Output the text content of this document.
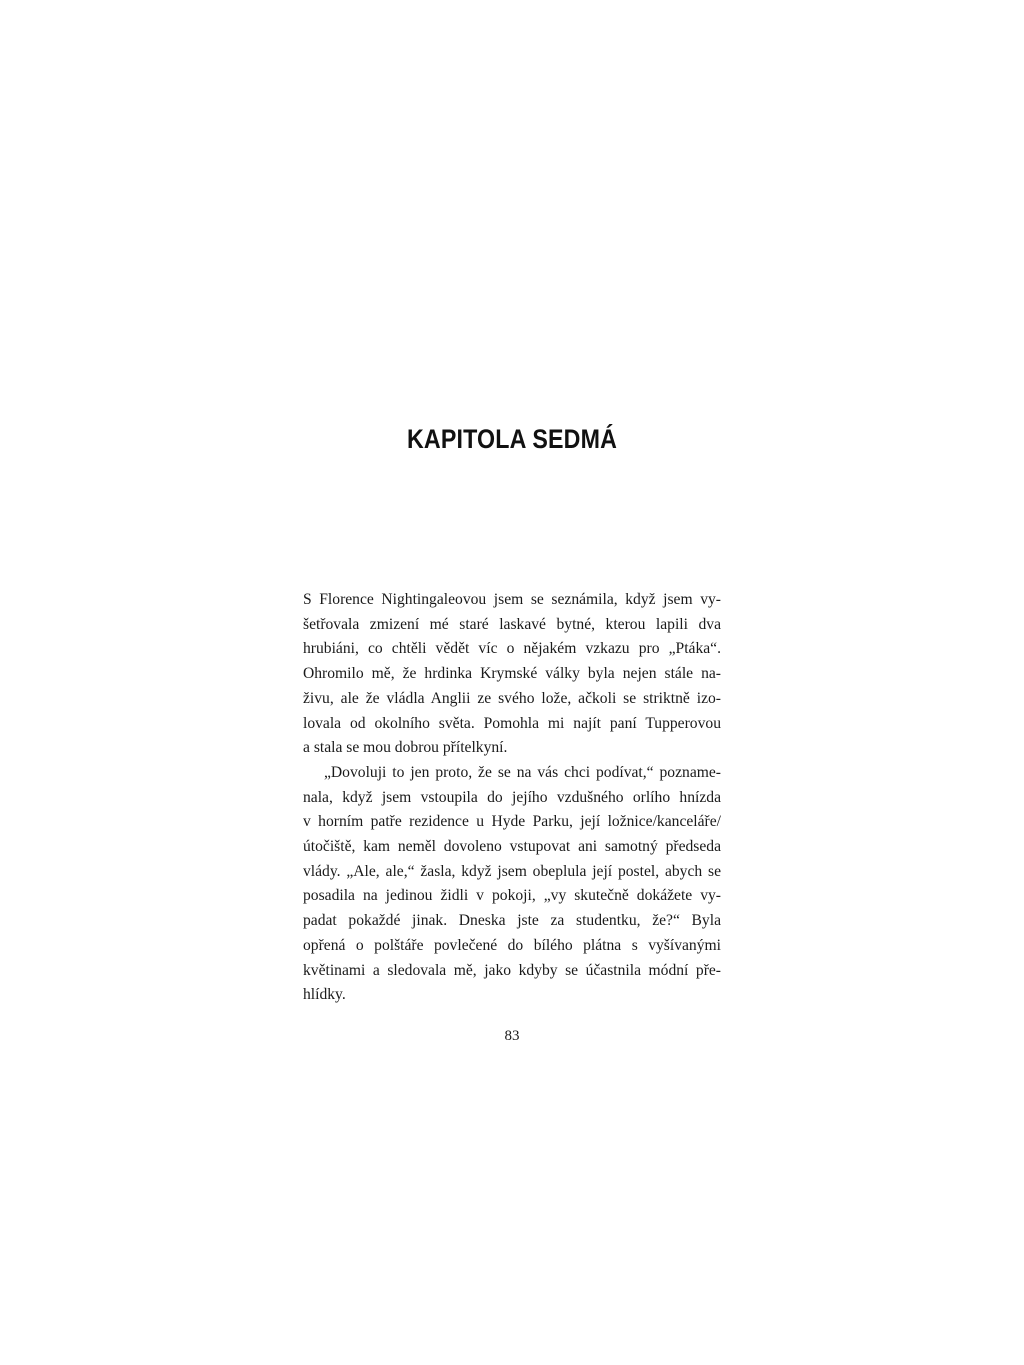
KAPITOLA SEDMÁ
S Florence Nightingaleovou jsem se seznámila, když jsem vy-
šetřovala zmizení mé staré laskavé bytné, kterou lapili dva
hrubiáni, co chtěli vědět víc o nějakém vzkazu pro „Ptáka“.
Ohromilo mě, že hrdinka Krymské války byla nejen stále na-
živu, ale že vládla Anglii ze svého lože, ačkoli se striktně izo-
lovala od okolního světa. Pomohla mi najít paní Tupperovou
a stala se mou dobrou přítelkyní.
„Dovoluji to jen proto, že se na vás chci podívat,“ poznamе-
nala, když jsem vstoupila do jejího vzdušného orlího hnízda
v horním patře rezidence u Hyde Parku, její ložnice/kanceláře/
útočiště, kam neměl dovoleno vstupovat ani samotný předseda
vlády. „Ale, ale,“ žasla, když jsem obeplula její postel, abych se
posadila na jedinou židli v pokoji, „vy skutečně dokážete vy-
padat pokaždé jinak. Dneska jste za studentku, že?“ Byla
opřená o polštáře povlečené do bílého plátna s vyšívanými
květinami a sledovala mě, jako kdyby se účastnila módní pře-
hlídky.
83
